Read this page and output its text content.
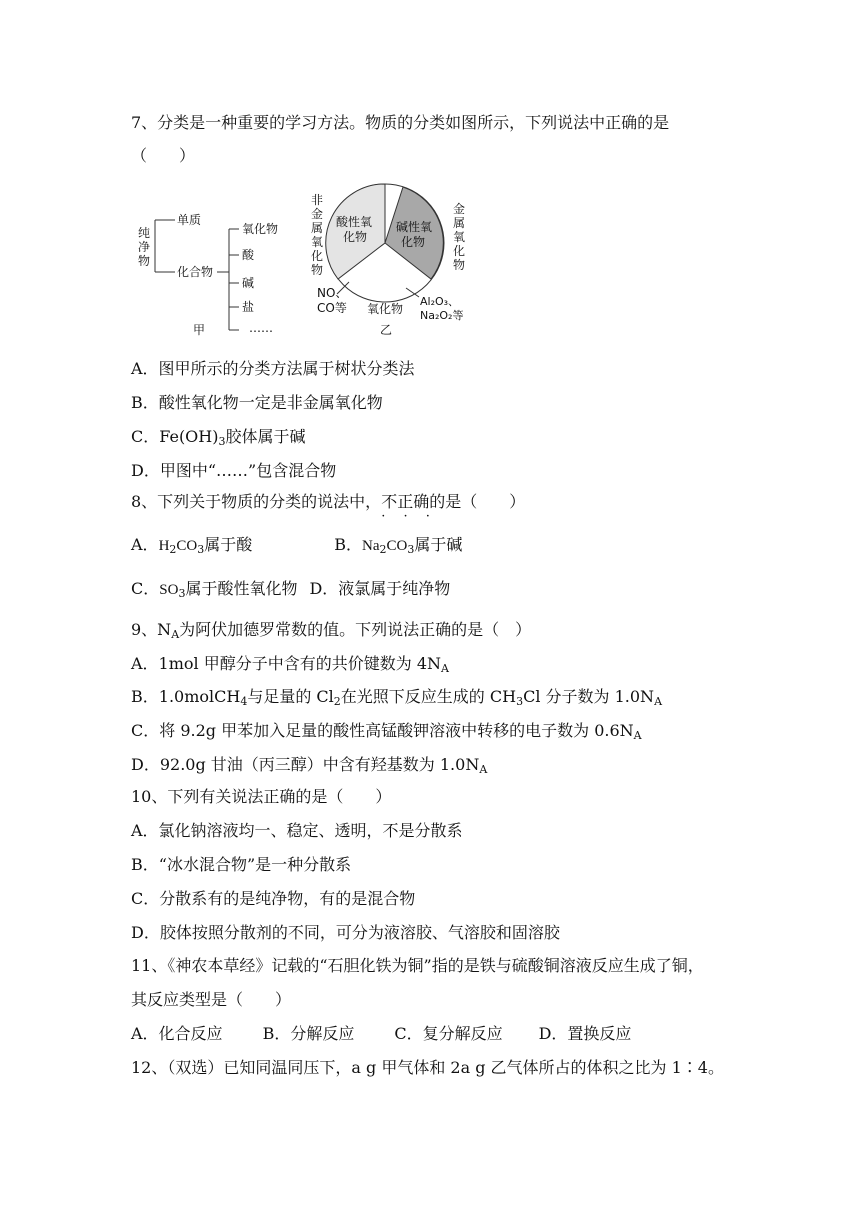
7、分类是一种重要的学习方法。物质的分类如图所示，下列说法中正确的是
（　　）
纯
净
物
单质
化合物
氧化物
酸
碱
盐
……
甲
非
金
属
氧
化
物
金
属
氧
化
物
酸性氧
化物
碱性氧
化物
NO、
CO等 氧化物
Al₂O₃、
Na₂O₂等
乙
A．图甲所示的分类方法属于树状分类法
B．酸性氧化物一定是非金属氧化物
C．$Fe(OH)_3$胶体属于碱
D．甲图中“……”包含混合物
8、下列关于物质的分类的说法中，不正确
· · ·
的是（　　）
A．$H_2CO_3$属于酸	B．$Na_2CO_3$属于碱
C．$SO_3$属于酸性氧化物 D．液氯属于纯净物
9、$N_A$为阿伏加德罗常数的值。下列说法正确的是（　）
A．1mol 甲醇分子中含有的共价键数为 $4N_A$
B．1.0molCH$_4$与足量的 $Cl_2$在光照下反应生成的 $CH_3Cl$ 分子数为 $1.0N_A$
C．将 9.2g 甲苯加入足量的酸性高锰酸钾溶液中转移的电子数为 $0.6N_A$
D．92.0g 甘油（丙三醇）中含有羟基数为 $1.0N_A$
10、下列有关说法正确的是（　　）
A．氯化钠溶液均一、稳定、透明，不是分散系
B．“冰水混合物”是一种分散系
C．分散系有的是纯净物，有的是混合物
D．胶体按照分散剂的不同，可分为液溶胶、气溶胶和固溶胶
11、《神农本草经》记载的“石胆化铁为铜”指的是铁与硫酸铜溶液反应生成了铜，
其反应类型是（　　）
A．化合反应	B．分解反应	C．复分解反应 D．置换反应
12、（双选）已知同温同压下，a g 甲气体和 2a g 乙气体所占的体积之比为 1∶4。
